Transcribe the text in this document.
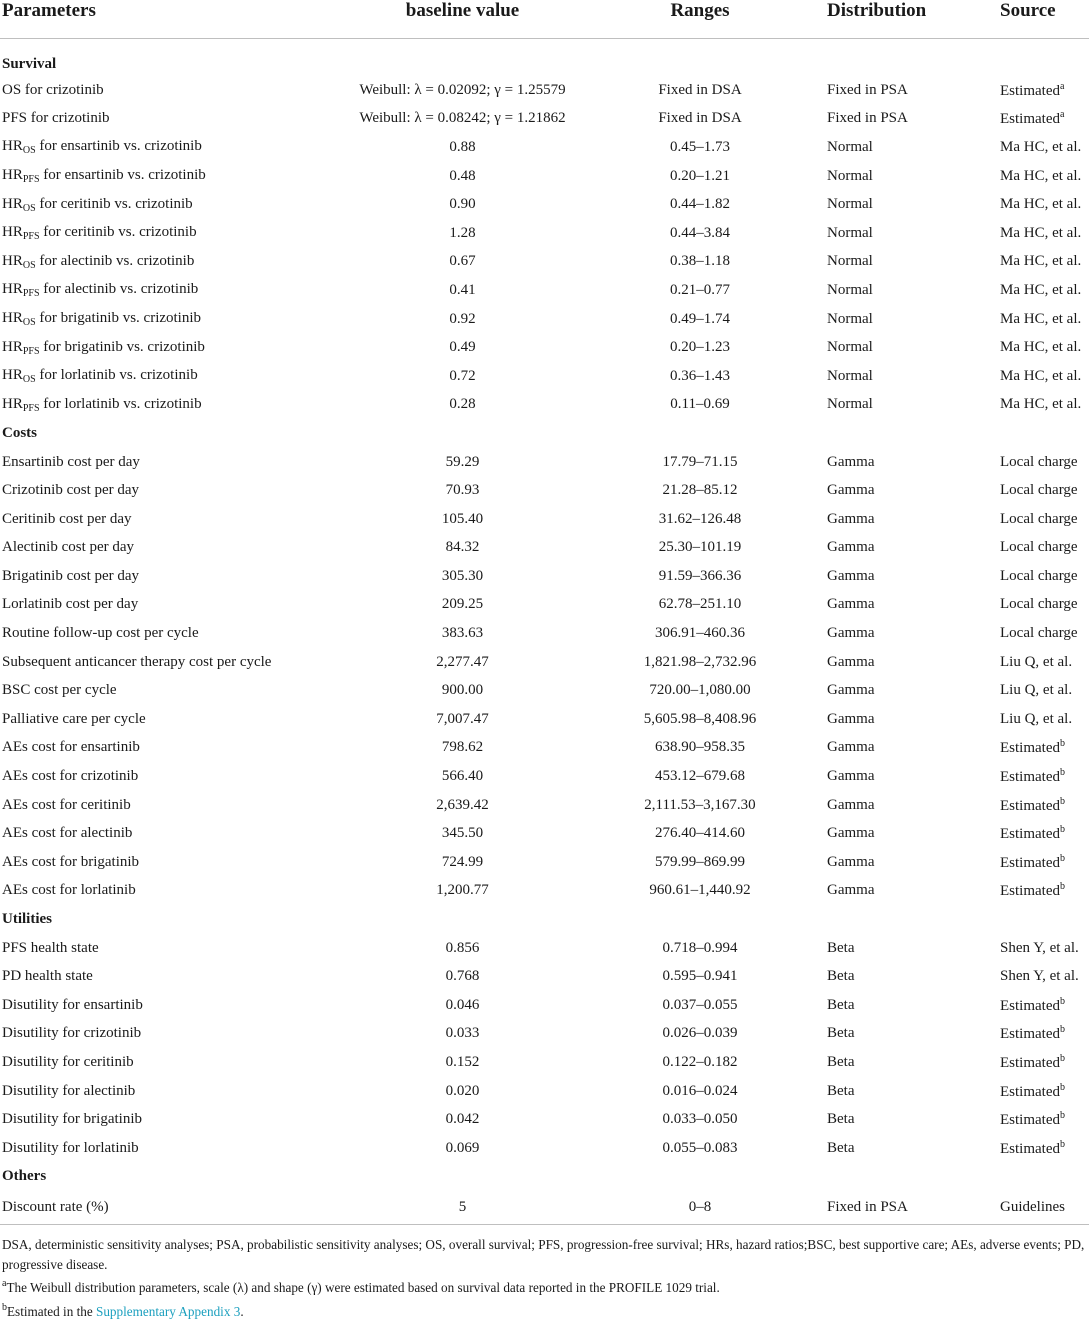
Parameters	baseline value	Ranges	Distribution	Source
Survival				
OS for crizotinib	Weibull: λ = 0.02092; γ = 1.25579	Fixed in DSA	Fixed in PSA	Estimated$^a$
PFS for crizotinib	Weibull: λ = 0.08242; γ = 1.21862	Fixed in DSA	Fixed in PSA	Estimated$^a$
$HR_{OS}$ for ensartinib vs. crizotinib	0.88	0.45–1.73	Normal	Ma HC, et al.
$HR_{PFS}$ for ensartinib vs. crizotinib	0.48	0.20–1.21	Normal	Ma HC, et al.
$HR_{OS}$ for ceritinib vs. crizotinib	0.90	0.44–1.82	Normal	Ma HC, et al.
$HR_{PFS}$ for ceritinib vs. crizotinib	1.28	0.44–3.84	Normal	Ma HC, et al.
$HR_{OS}$ for alectinib vs. crizotinib	0.67	0.38–1.18	Normal	Ma HC, et al.
$HR_{PFS}$ for alectinib vs. crizotinib	0.41	0.21–0.77	Normal	Ma HC, et al.
$HR_{OS}$ for brigatinib vs. crizotinib	0.92	0.49–1.74	Normal	Ma HC, et al.
$HR_{PFS}$ for brigatinib vs. crizotinib	0.49	0.20–1.23	Normal	Ma HC, et al.
$HR_{OS}$ for lorlatinib vs. crizotinib	0.72	0.36–1.43	Normal	Ma HC, et al.
$HR_{PFS}$ for lorlatinib vs. crizotinib	0.28	0.11–0.69	Normal	Ma HC, et al.
Costs				
Ensartinib cost per day	59.29	17.79–71.15	Gamma	Local charge
Crizotinib cost per day	70.93	21.28–85.12	Gamma	Local charge
Ceritinib cost per day	105.40	31.62–126.48	Gamma	Local charge
Alectinib cost per day	84.32	25.30–101.19	Gamma	Local charge
Brigatinib cost per day	305.30	91.59–366.36	Gamma	Local charge
Lorlatinib cost per day	209.25	62.78–251.10	Gamma	Local charge
Routine follow-up cost per cycle	383.63	306.91–460.36	Gamma	Local charge
Subsequent anticancer therapy cost per cycle	2,277.47	1,821.98–2,732.96	Gamma	Liu Q, et al.
BSC cost per cycle	900.00	720.00–1,080.00	Gamma	Liu Q, et al.
Palliative care per cycle	7,007.47	5,605.98–8,408.96	Gamma	Liu Q, et al.
AEs cost for ensartinib	798.62	638.90–958.35	Gamma	Estimated$^b$
AEs cost for crizotinib	566.40	453.12–679.68	Gamma	Estimated$^b$
AEs cost for ceritinib	2,639.42	2,111.53–3,167.30	Gamma	Estimated$^b$
AEs cost for alectinib	345.50	276.40–414.60	Gamma	Estimated$^b$
AEs cost for brigatinib	724.99	579.99–869.99	Gamma	Estimated$^b$
AEs cost for lorlatinib	1,200.77	960.61–1,440.92	Gamma	Estimated$^b$
Utilities				
PFS health state	0.856	0.718–0.994	Beta	Shen Y, et al.
PD health state	0.768	0.595–0.941	Beta	Shen Y, et al.
Disutility for ensartinib	0.046	0.037–0.055	Beta	Estimated$^b$
Disutility for crizotinib	0.033	0.026–0.039	Beta	Estimated$^b$
Disutility for ceritinib	0.152	0.122–0.182	Beta	Estimated$^b$
Disutility for alectinib	0.020	0.016–0.024	Beta	Estimated$^b$
Disutility for brigatinib	0.042	0.033–0.050	Beta	Estimated$^b$
Disutility for lorlatinib	0.069	0.055–0.083	Beta	Estimated$^b$
Others				
Discount rate (%)	5	0–8	Fixed in PSA	Guidelines

DSA, deterministic sensitivity analyses; PSA, probabilistic sensitivity analyses; OS, overall survival; PFS, progression-free survival; HRs, hazard ratios;BSC, best supportive care; AEs, adverse events; PD, progressive disease.

$^a$The Weibull distribution parameters, scale (λ) and shape (γ) were estimated based on survival data reported in the PROFILE 1029 trial.

$^b$Estimated in the Supplementary Appendix 3.
